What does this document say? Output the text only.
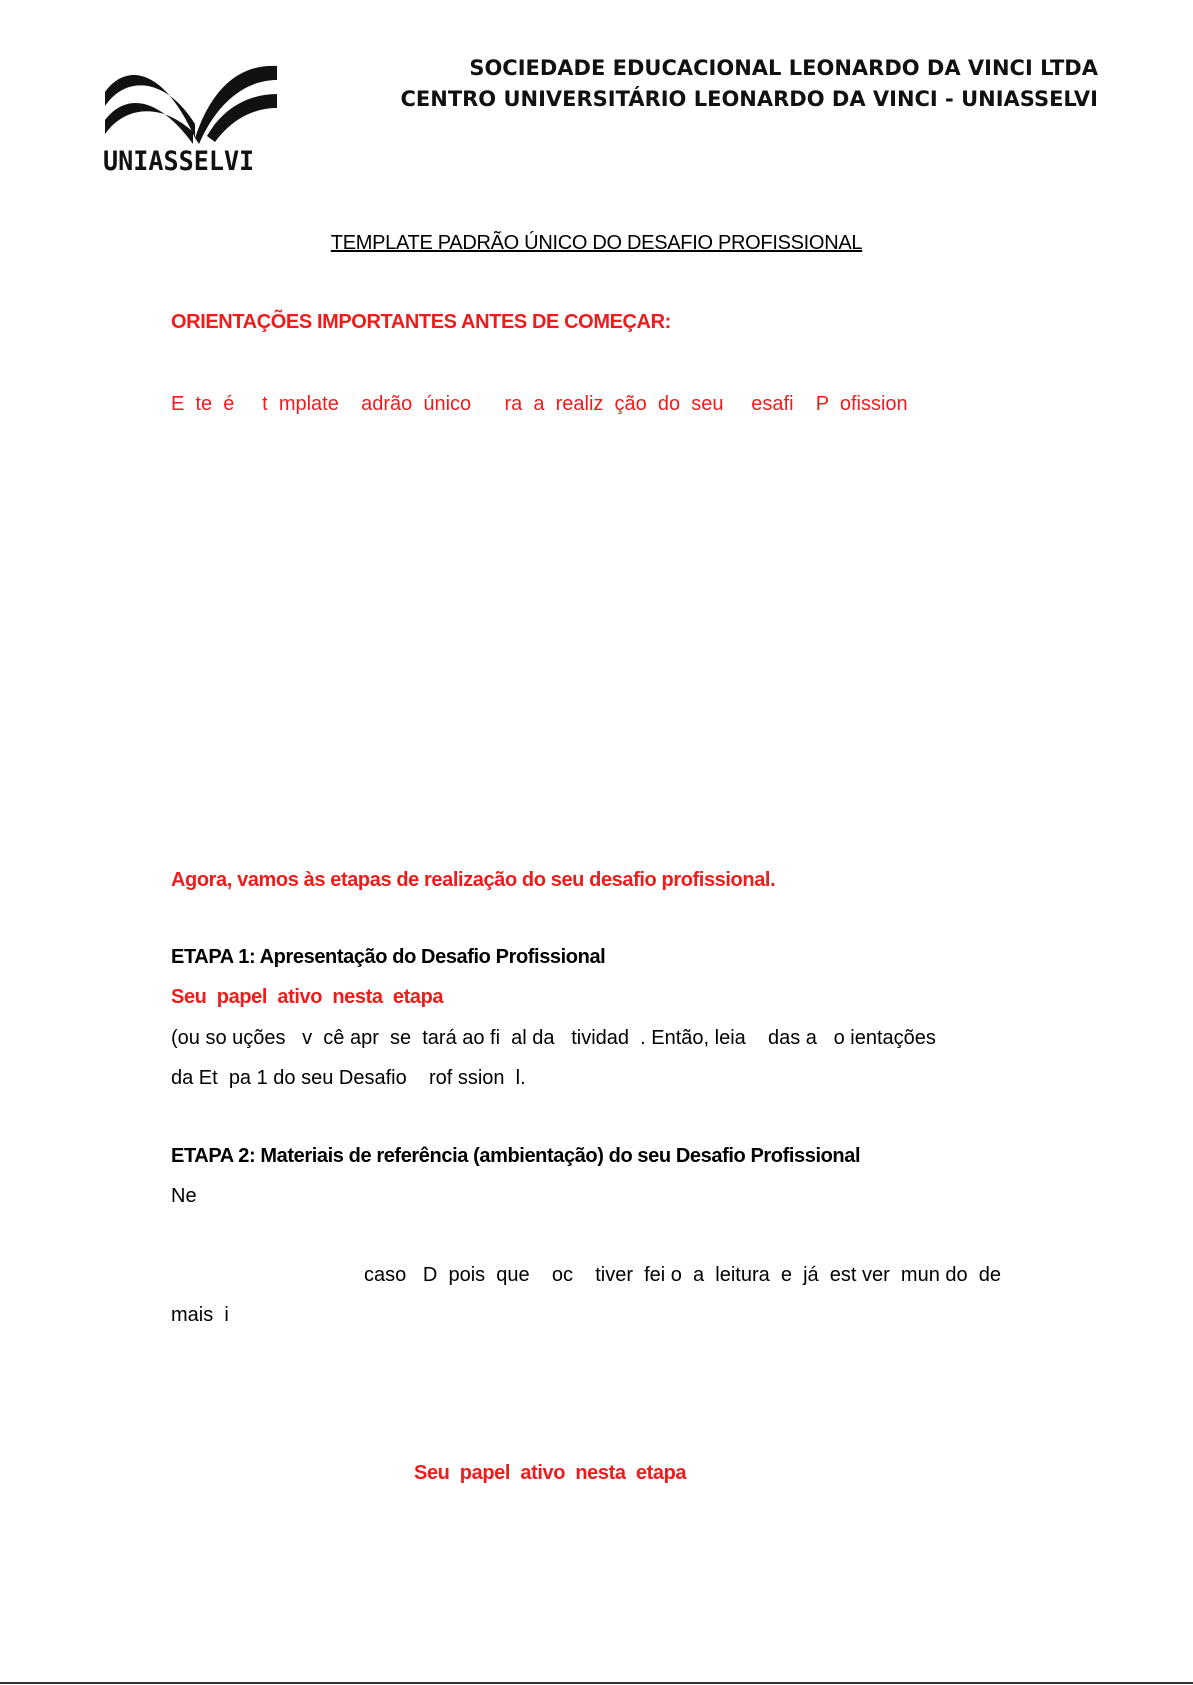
UNIASSELVI
SOCIEDADE EDUCACIONAL LEONARDO DA VINCI LTDA
CENTRO UNIVERSITÁRIO LEONARDO DA VINCI - UNIASSELVI
TEMPLATE PADRÃO ÚNICO DO DESAFIO PROFISSIONAL
ORIENTAÇÕES IMPORTANTES ANTES DE COMEÇAR:
E  te  é     t  mplate    adrão  único      ra  a  realiz  ção  do  seu     esafi    P  ofission
Agora, vamos às etapas de realização do seu desafio profissional.
ETAPA 1: Apresentação do Desafio Profissional
Seu  papel  ativo  nesta  etapa
(ou so uções   v  cê apr  se  tará ao fi  al da   tividad  . Então, leia    das a   o ientações
da Et  pa 1 do seu Desafio    rof ssion  l.
ETAPA 2: Materiais de referência (ambientação) do seu Desafio Profissional
Ne
caso   D  pois  que    oc    tiver  fei o  a  leitura  e  já  est ver  mun do  de
mais  i
Seu  papel  ativo  nesta  etapa
